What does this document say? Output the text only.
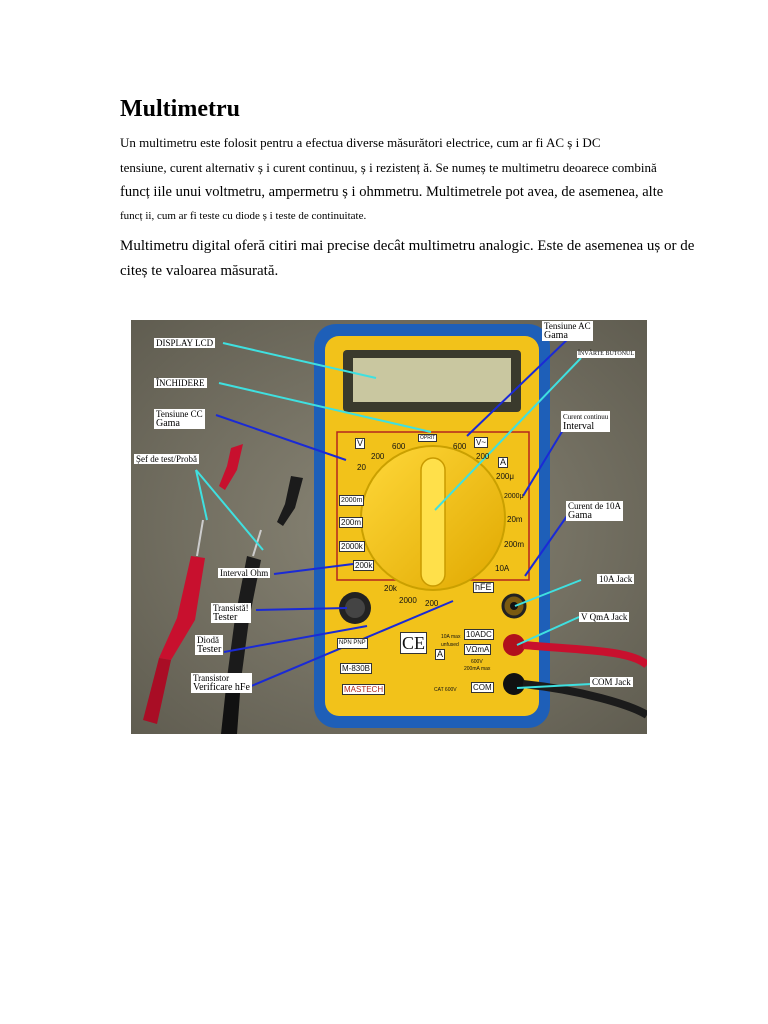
Multimetru
Un multimetru este folosit pentru a efectua diverse măsurători electrice, cum ar fi AC ș i DC
tensiune, curent alternativ ș i curent continuu, ș i rezistenț ă. Se numeș te multimetru deoarece combină
funcț iile unui voltmetru, ampermetru ș i ohmmetru. Multimetrele pot avea, de asemenea, alte
funcț ii, cum ar fi teste cu diode ș i teste de continuitate.
Multimetru digital oferă citiri mai precise decât multimetru analogic. Este de asemenea uș or de
citeș te valoarea măsurată.
V	600
200
20
OPRIT
600 V~
200
A
200μ
2000μ
20m
200m
10A
2000m
200m
2000k
200k
20k
2000 200
hFE
NPN PNP CE	10A max
unfused
10ADC
VΩmA
A
600V
200mA max
COM
CAT 600V
M-830B
MASTECH
DISPLAY LCD
ÎNCHIDERE
Tensiune CC
Gama
Șef de test/Probă
Interval Ohm
Transistă!
Tester
Diodă
Tester
Transistor
Verificare hFe
Tensiune AC
Gama
ÎNVÂRTE BUTONUL
Curent continuu
Interval
Curent de 10A
Gama
10A Jack
V QmA Jack
COM Jack
